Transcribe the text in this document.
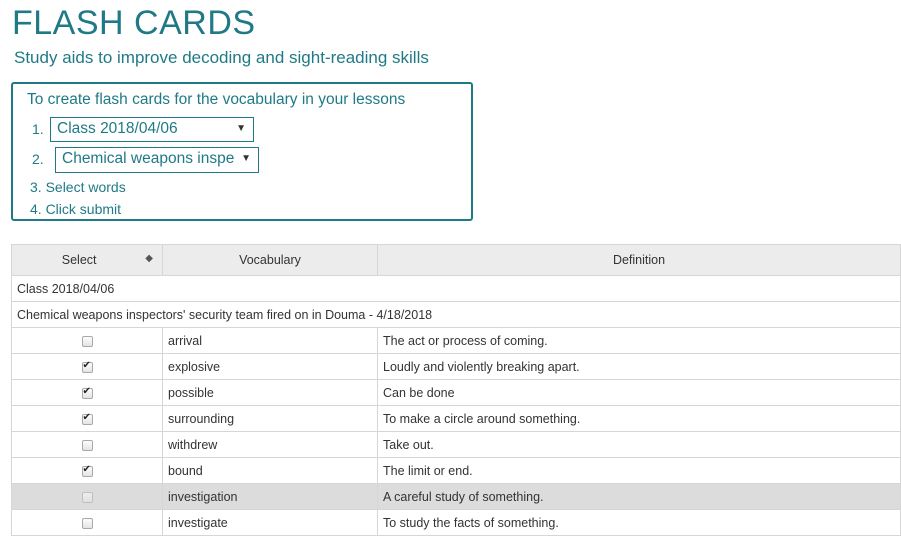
FLASH CARDS
Study aids to improve decoding and sight-reading skills
To create flash cards for the vocabulary in your lessons
1. Class 2018/04/06	▼
2.	Chemical weapons inspe ▼
3. Select words
4. Click submit
Select ◆	Vocabulary	Definition
Class 2018/04/06		
Chemical weapons inspectors' security team fired on in Douma - 4/18/2018		
	arrival	The act or process of coming.
✔	explosive	Loudly and violently breaking apart.
✔	possible	Can be done
✔	surrounding	To make a circle around something.
	withdrew	Take out.
✔	bound	The limit or end.
	investigation	A careful study of something.
	investigate	To study the facts of something.
